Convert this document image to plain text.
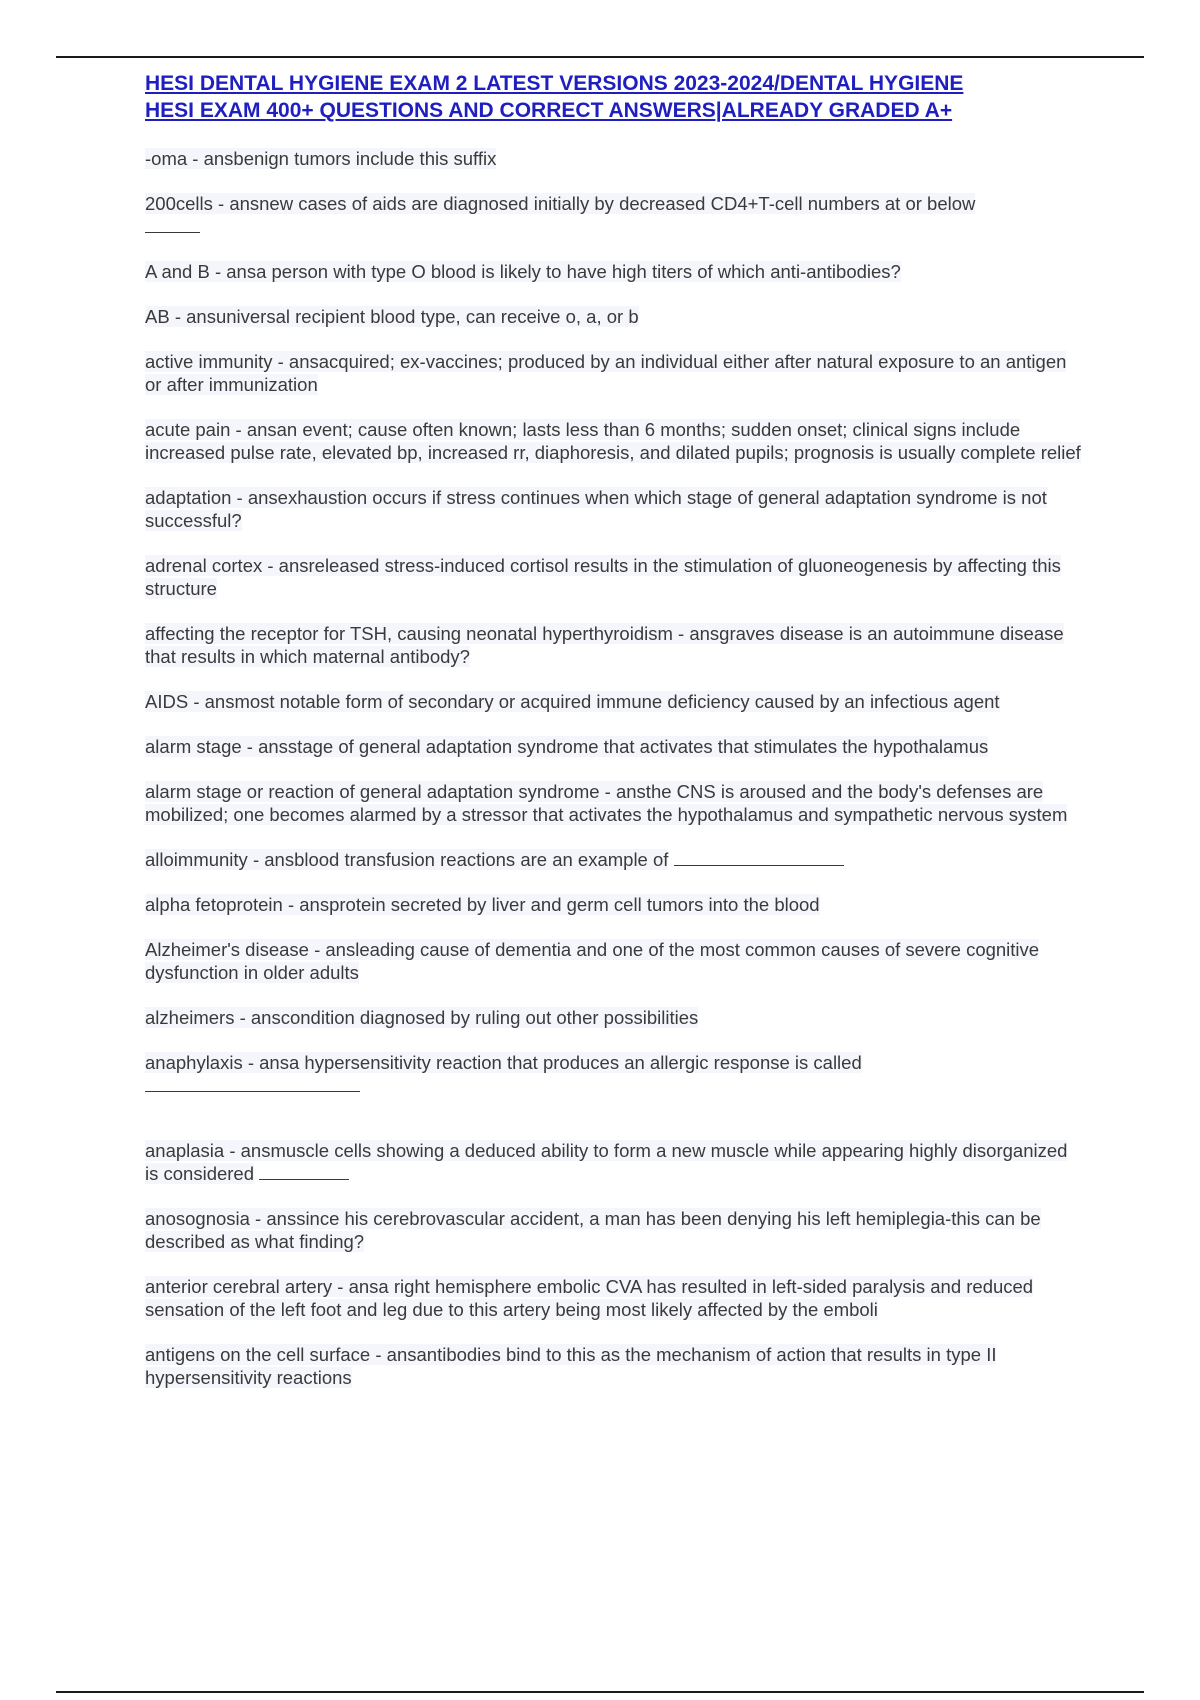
HESI DENTAL HYGIENE EXAM 2 LATEST VERSIONS 2023-2024/DENTAL HYGIENE
HESI EXAM 400+ QUESTIONS AND CORRECT ANSWERS|ALREADY GRADED A+
-oma - ansbenign tumors include this suffix
200cells - ansnew cases of aids are diagnosed initially by decreased CD4+T-cell numbers at or below

A and B - ansa person with type O blood is likely to have high titers of which anti-antibodies?
AB - ansuniversal recipient blood type, can receive o, a, or b
active immunity - ansacquired; ex-vaccines; produced by an individual either after natural exposure to an antigen or after immunization
acute pain - ansan event; cause often known; lasts less than 6 months; sudden onset; clinical signs include increased pulse rate, elevated bp, increased rr, diaphoresis, and dilated pupils; prognosis is usually complete relief
adaptation - ansexhaustion occurs if stress continues when which stage of general adaptation syndrome is not successful?
adrenal cortex - ansreleased stress-induced cortisol results in the stimulation of gluoneogenesis by affecting this structure
affecting the receptor for TSH, causing neonatal hyperthyroidism - ansgraves disease is an autoimmune disease that results in which maternal antibody?
AIDS - ansmost notable form of secondary or acquired immune deficiency caused by an infectious agent
alarm stage - ansstage of general adaptation syndrome that activates that stimulates the hypothalamus
alarm stage or reaction of general adaptation syndrome - ansthe CNS is aroused and the body's defenses are mobilized; one becomes alarmed by a stressor that activates the hypothalamus and sympathetic nervous system
alloimmunity - ansblood transfusion reactions are an example of
alpha fetoprotein - ansprotein secreted by liver and germ cell tumors into the blood
Alzheimer's disease - ansleading cause of dementia and one of the most common causes of severe cognitive dysfunction in older adults
alzheimers - anscondition diagnosed by ruling out other possibilities
anaphylaxis - ansa hypersensitivity reaction that produces an allergic response is called

anaplasia - ansmuscle cells showing a deduced ability to form a new muscle while appearing highly disorganized is considered
anosognosia - anssince his cerebrovascular accident, a man has been denying his left hemiplegia-this can be described as what finding?
anterior cerebral artery - ansa right hemisphere embolic CVA has resulted in left-sided paralysis and reduced sensation of the left foot and leg due to this artery being most likely affected by the emboli
antigens on the cell surface - ansantibodies bind to this as the mechanism of action that results in type II hypersensitivity reactions
